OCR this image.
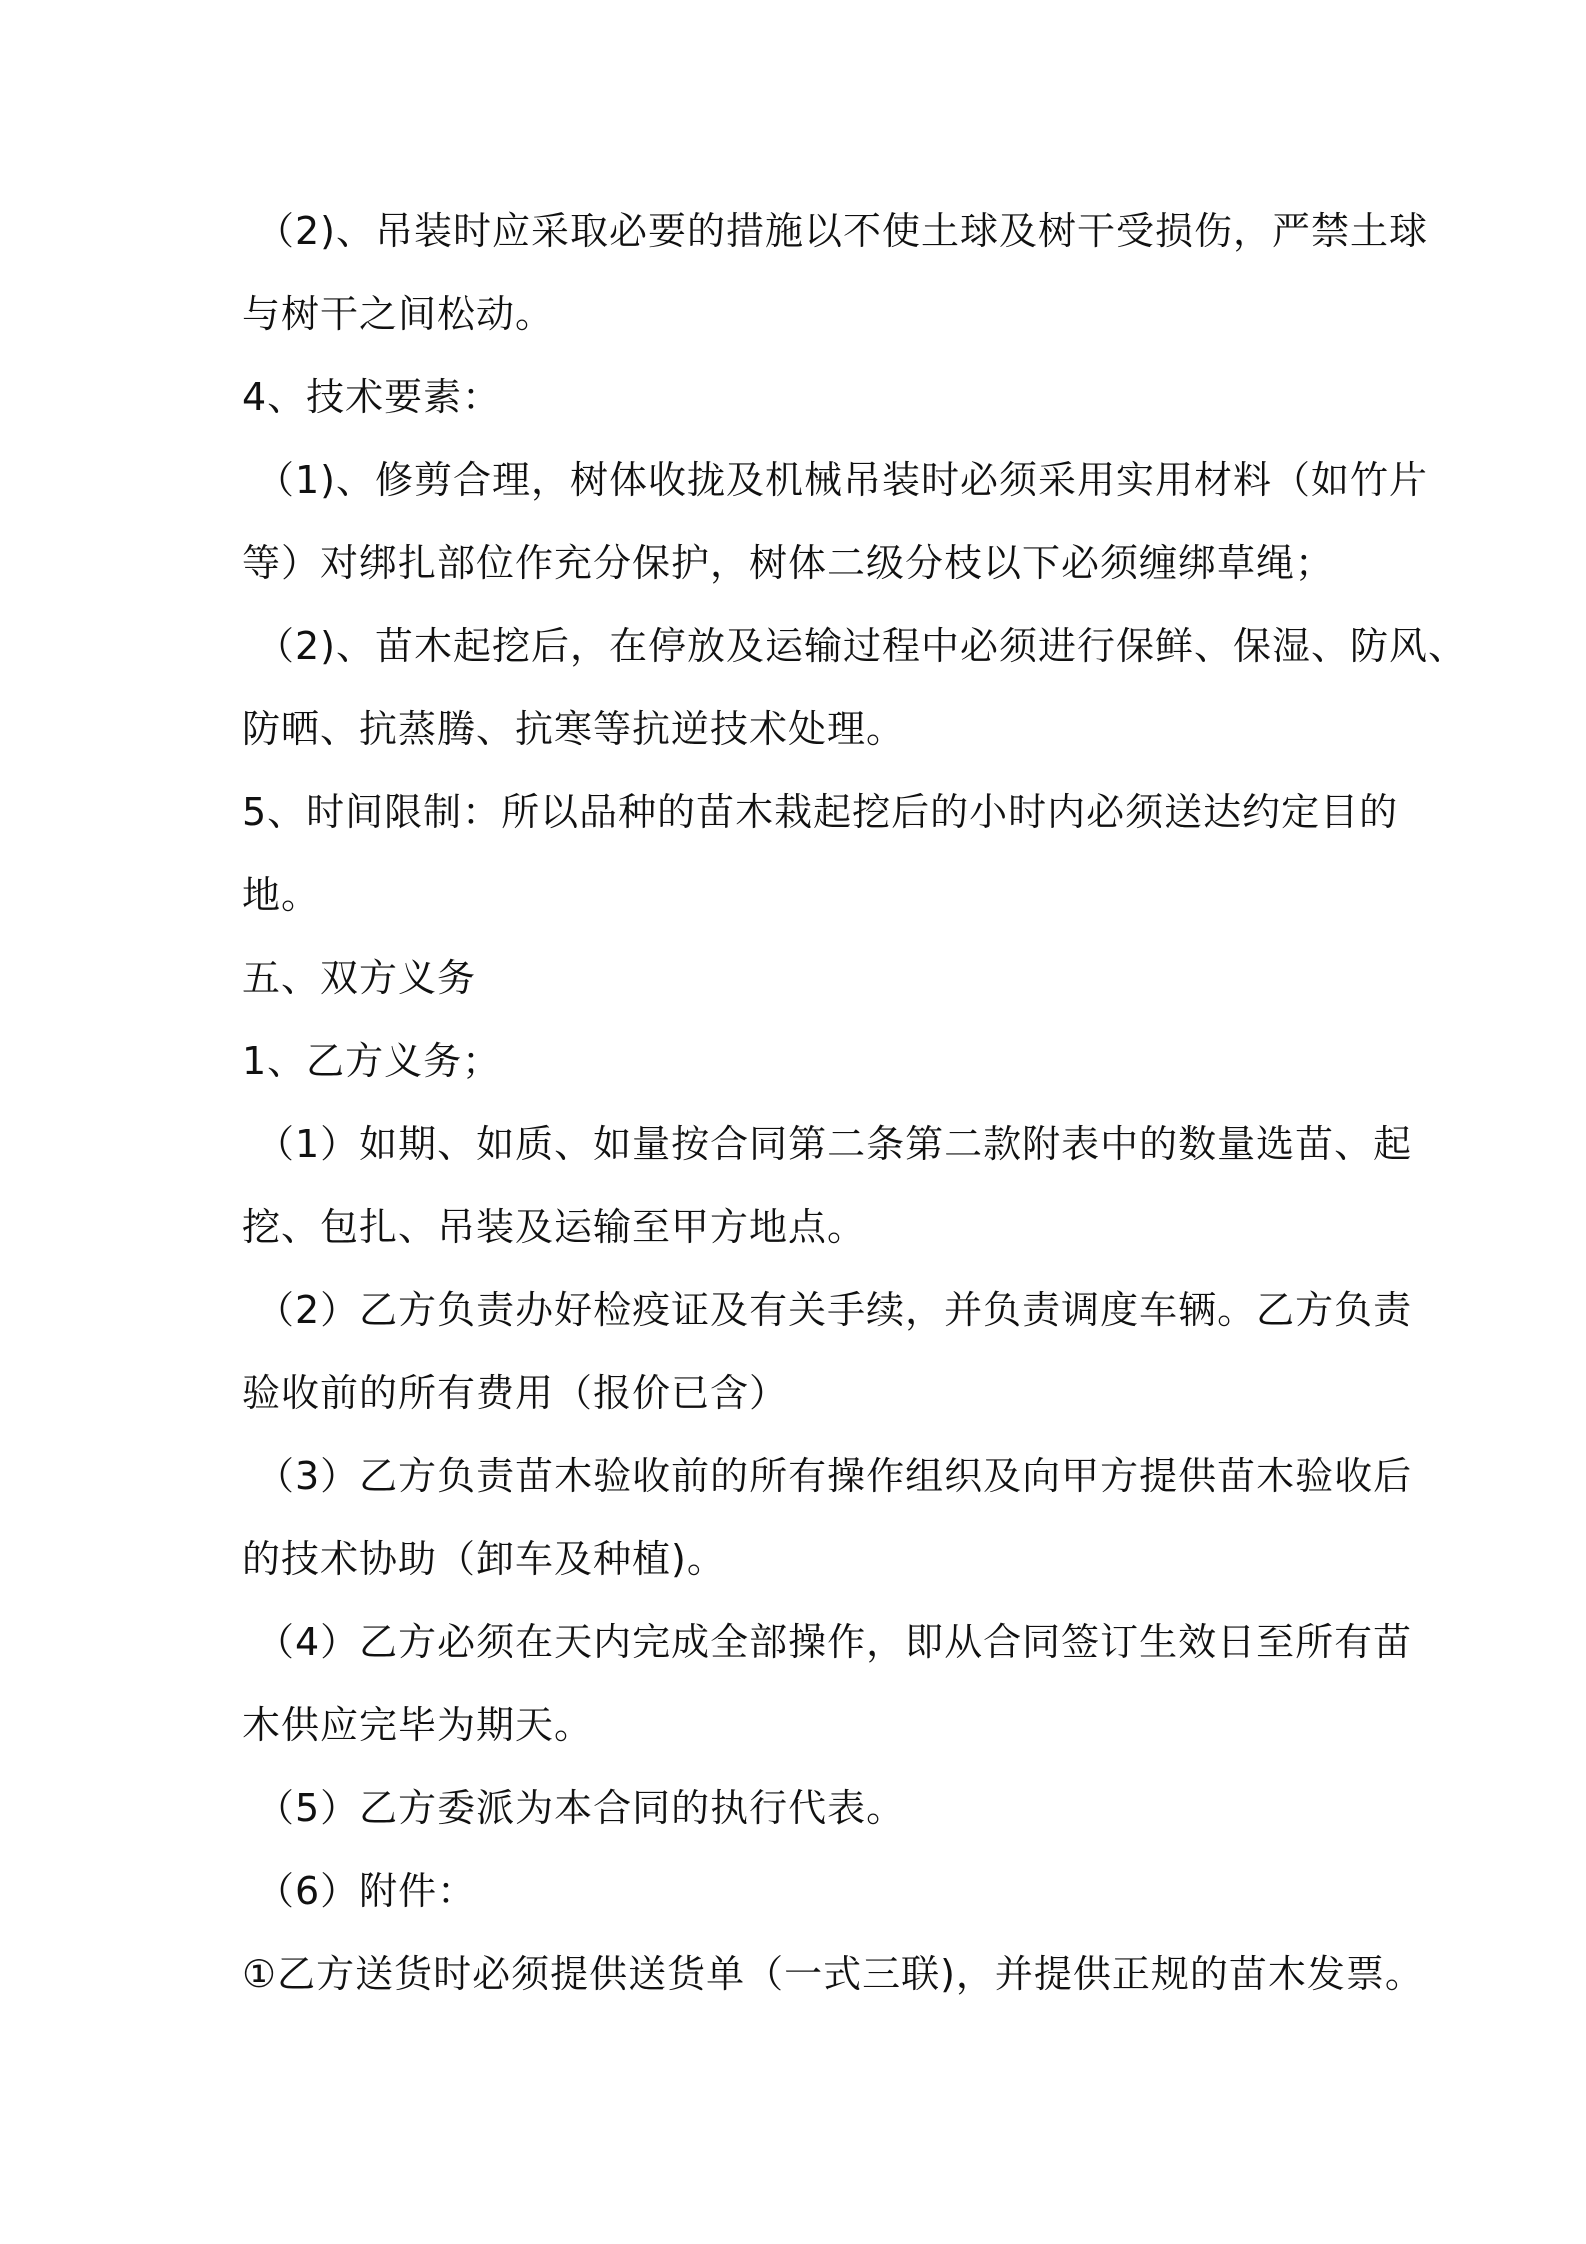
（2)、吊装时应采取必要的措施以不使土球及树干受损伤，严禁土球

与树干之间松动。

4、技术要素：

（1)、修剪合理，树体收拢及机械吊装时必须采用实用材料（如竹片

等）对绑扎部位作充分保护，树体二级分枝以下必须缠绑草绳；

（2)、苗木起挖后，在停放及运输过程中必须进行保鲜、保湿、防风、

防晒、抗蒸腾、抗寒等抗逆技术处理。

5、时间限制：所以品种的苗木栽起挖后的小时内必须送达约定目的

地。

五、双方义务

1、乙方义务；

（1）如期、如质、如量按合同第二条第二款附表中的数量选苗、起

挖、包扎、吊装及运输至甲方地点。

（2）乙方负责办好检疫证及有关手续，并负责调度车辆。乙方负责

验收前的所有费用（报价已含）

（3）乙方负责苗木验收前的所有操作组织及向甲方提供苗木验收后

的技术协助（卸车及种植)。

（4）乙方必须在天内完成全部操作，即从合同签订生效日至所有苗

木供应完毕为期天。

（5）乙方委派为本合同的执行代表。

（6）附件：

①乙方送货时必须提供送货单（一式三联)，并提供正规的苗木发票。
